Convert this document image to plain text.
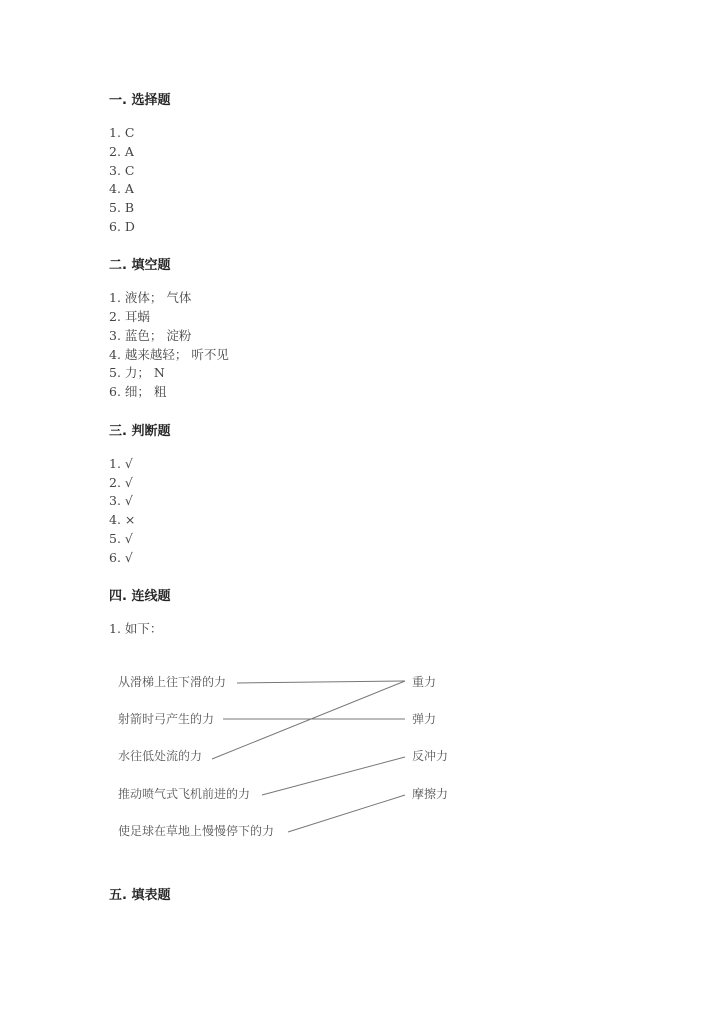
一. 选择题
1. C
2. A
3. C
4. A
5. B
6. D
二. 填空题
1. 液体； 气体
2. 耳蜗
3. 蓝色； 淀粉
4. 越来越轻； 听不见
5. 力； N
6. 细； 粗
三. 判断题
1. √
2. √
3. √
4. ×
5. √
6. √
四. 连线题
1. 如下：
从滑梯上往下滑的力
射箭时弓产生的力
水往低处流的力
推动喷气式飞机前进的力
使足球在草地上慢慢停下的力
重力
弹力
反冲力
摩擦力
五. 填表题
